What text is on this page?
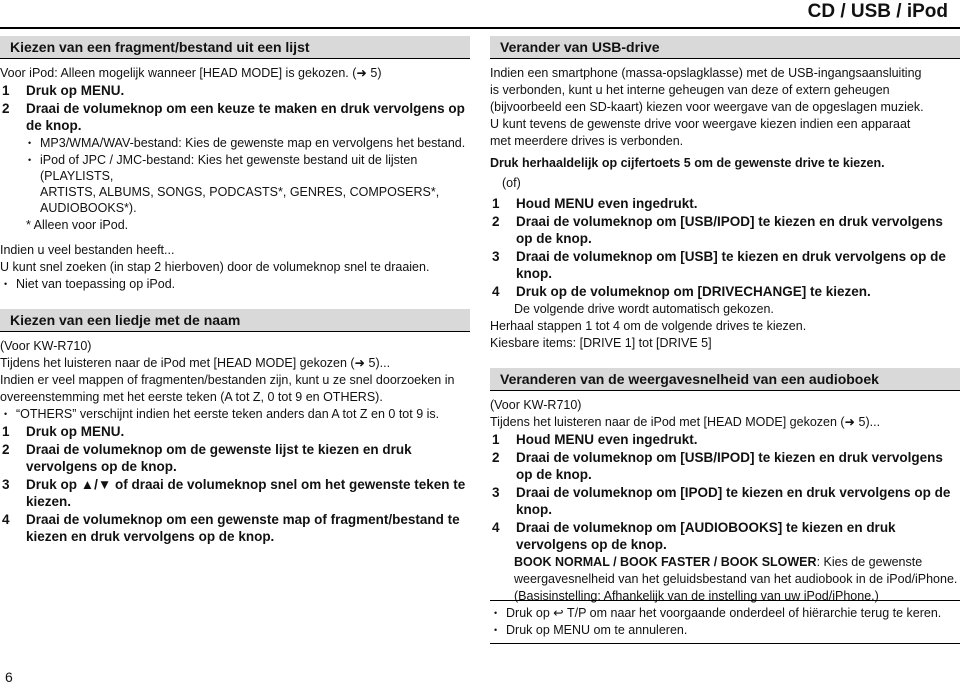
CD / USB / iPod
Kiezen van een fragment/bestand uit een lijst
Voor iPod: Alleen mogelijk wanneer [HEAD MODE] is gekozen. (➜ 5)
1	Druk op MENU.
2	Draai de volumeknop om een keuze te maken en druk vervolgens op de knop.
• MP3/WMA/WAV-bestand: Kies de gewenste map en vervolgens het bestand.
• iPod of JPC / JMC-bestand: Kies het gewenste bestand uit de lijsten (PLAYLISTS,
ARTISTS, ALBUMS, SONGS, PODCASTS*, GENRES, COMPOSERS*, AUDIOBOOKS*).
* Alleen voor iPod.
Indien u veel bestanden heeft...
U kunt snel zoeken (in stap 2 hierboven) door de volumeknop snel te draaien.
• Niet van toepassing op iPod.
Kiezen van een liedje met de naam
(Voor KW-R710)
Tijdens het luisteren naar de iPod met [HEAD MODE] gekozen (➜ 5)...
Indien er veel mappen of fragmenten/bestanden zijn, kunt u ze snel doorzoeken in
overeenstemming met het eerste teken (A tot Z, 0 tot 9 en OTHERS).
• “OTHERS” verschijnt indien het eerste teken anders dan A tot Z en 0 tot 9 is.
1	Druk op MENU.
2	Draai de volumeknop om de gewenste lijst te kiezen en druk vervolgens op de knop.
3	Druk op ▲/▼ of draai de volumeknop snel om het gewenste teken te kiezen.
4	Draai de volumeknop om een gewenste map of fragment/bestand te kiezen en druk vervolgens op de knop.
Verander van USB-drive
Indien een smartphone (massa-opslagklasse) met de USB-ingangsaansluiting
is verbonden, kunt u het interne geheugen van deze of extern geheugen
(bijvoorbeeld een SD-kaart) kiezen voor weergave van de opgeslagen muziek.
U kunt tevens de gewenste drive voor weergave kiezen indien een apparaat
met meerdere drives is verbonden.
Druk herhaaldelijk op cijfertoets 5 om de gewenste drive te kiezen.
(of)
1	Houd MENU even ingedrukt.
2	Draai de volumeknop om [USB/IPOD] te kiezen en druk vervolgens op de knop.
3	Draai de volumeknop om [USB] te kiezen en druk vervolgens op de knop.
4	Druk op de volumeknop om [DRIVECHANGE] te kiezen.
De volgende drive wordt automatisch gekozen.
Herhaal stappen 1 tot 4 om de volgende drives te kiezen.
Kiesbare items: [DRIVE 1] tot [DRIVE 5]
Veranderen van de weergavesnelheid van een audioboek
(Voor KW-R710)
Tijdens het luisteren naar de iPod met [HEAD MODE] gekozen (➜ 5)...
1	Houd MENU even ingedrukt.
2	Draai de volumeknop om [USB/IPOD] te kiezen en druk vervolgens op de knop.
3	Draai de volumeknop om [IPOD] te kiezen en druk vervolgens op de knop.
4	Draai de volumeknop om [AUDIOBOOKS] te kiezen en druk vervolgens op de knop.
BOOK NORMAL / BOOK FASTER / BOOK SLOWER: Kies de gewenste
weergavesnelheid van het geluidsbestand van het audiobook in de iPod/iPhone.
(Basisinstelling: Afhankelijk van de instelling van uw iPod/iPhone.)
• Druk op ↩ T/P om naar het voorgaande onderdeel of hiërarchie terug te keren.
• Druk op MENU om te annuleren.
6
